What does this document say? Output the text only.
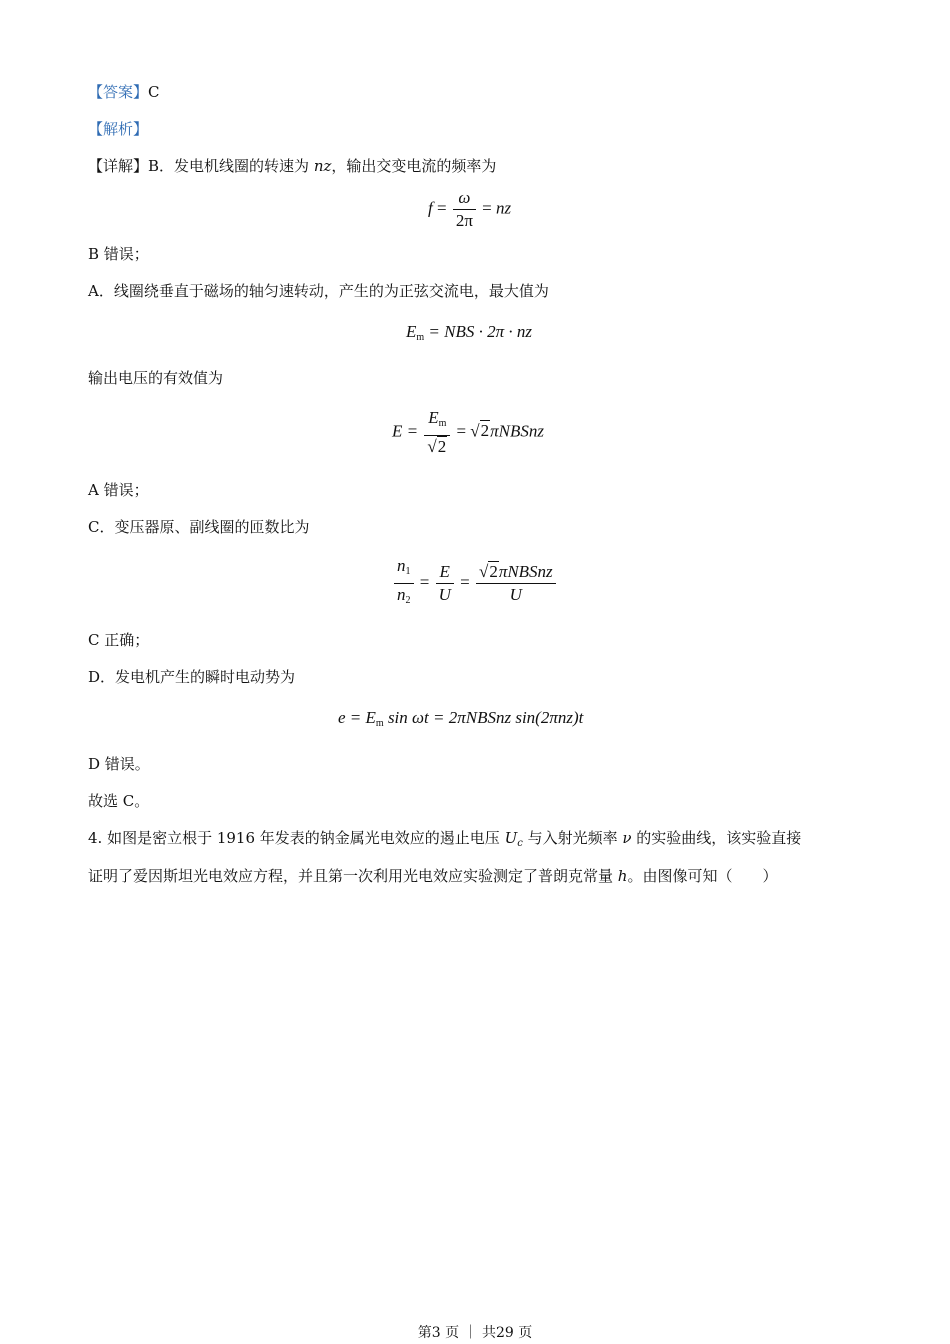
【答案】C
【解析】
【详解】B．发电机线圈的转速为 nz，输出交变电流的频率为
$f = \frac{\omega}{2\pi}$ = nz
B 错误；
A．线圈绕垂直于磁场的轴匀速转动，产生的为正弦交流电，最大值为
$E_m$ = NBS · 2π · nz
输出电压的有效值为
$E = \frac{E_m}{√2}$ = √2πNBSnz
A 错误；
C．变压器原、副线圈的匝数比为
$\frac{n_1}{n_2} = \frac{E}{U} = \frac{\text{√2πNBSnz}}{U}$
C 正确；
D．发电机产生的瞬时电动势为
$e = E_m$ sin ωt = 2πNBSnz sin(2πnz)t
D 错误。
故选 C。
4. 如图是密立根于 1916 年发表的钠金属光电效应的遏止电压 $U_c$ 与入射光频率 ν 的实验曲线，该实验直接
证明了爱因斯坦光电效应方程，并且第一次利用光电效应实验测定了普朗克常量 h。由图像可知（　　）
第3 页 ｜ 共29 页
